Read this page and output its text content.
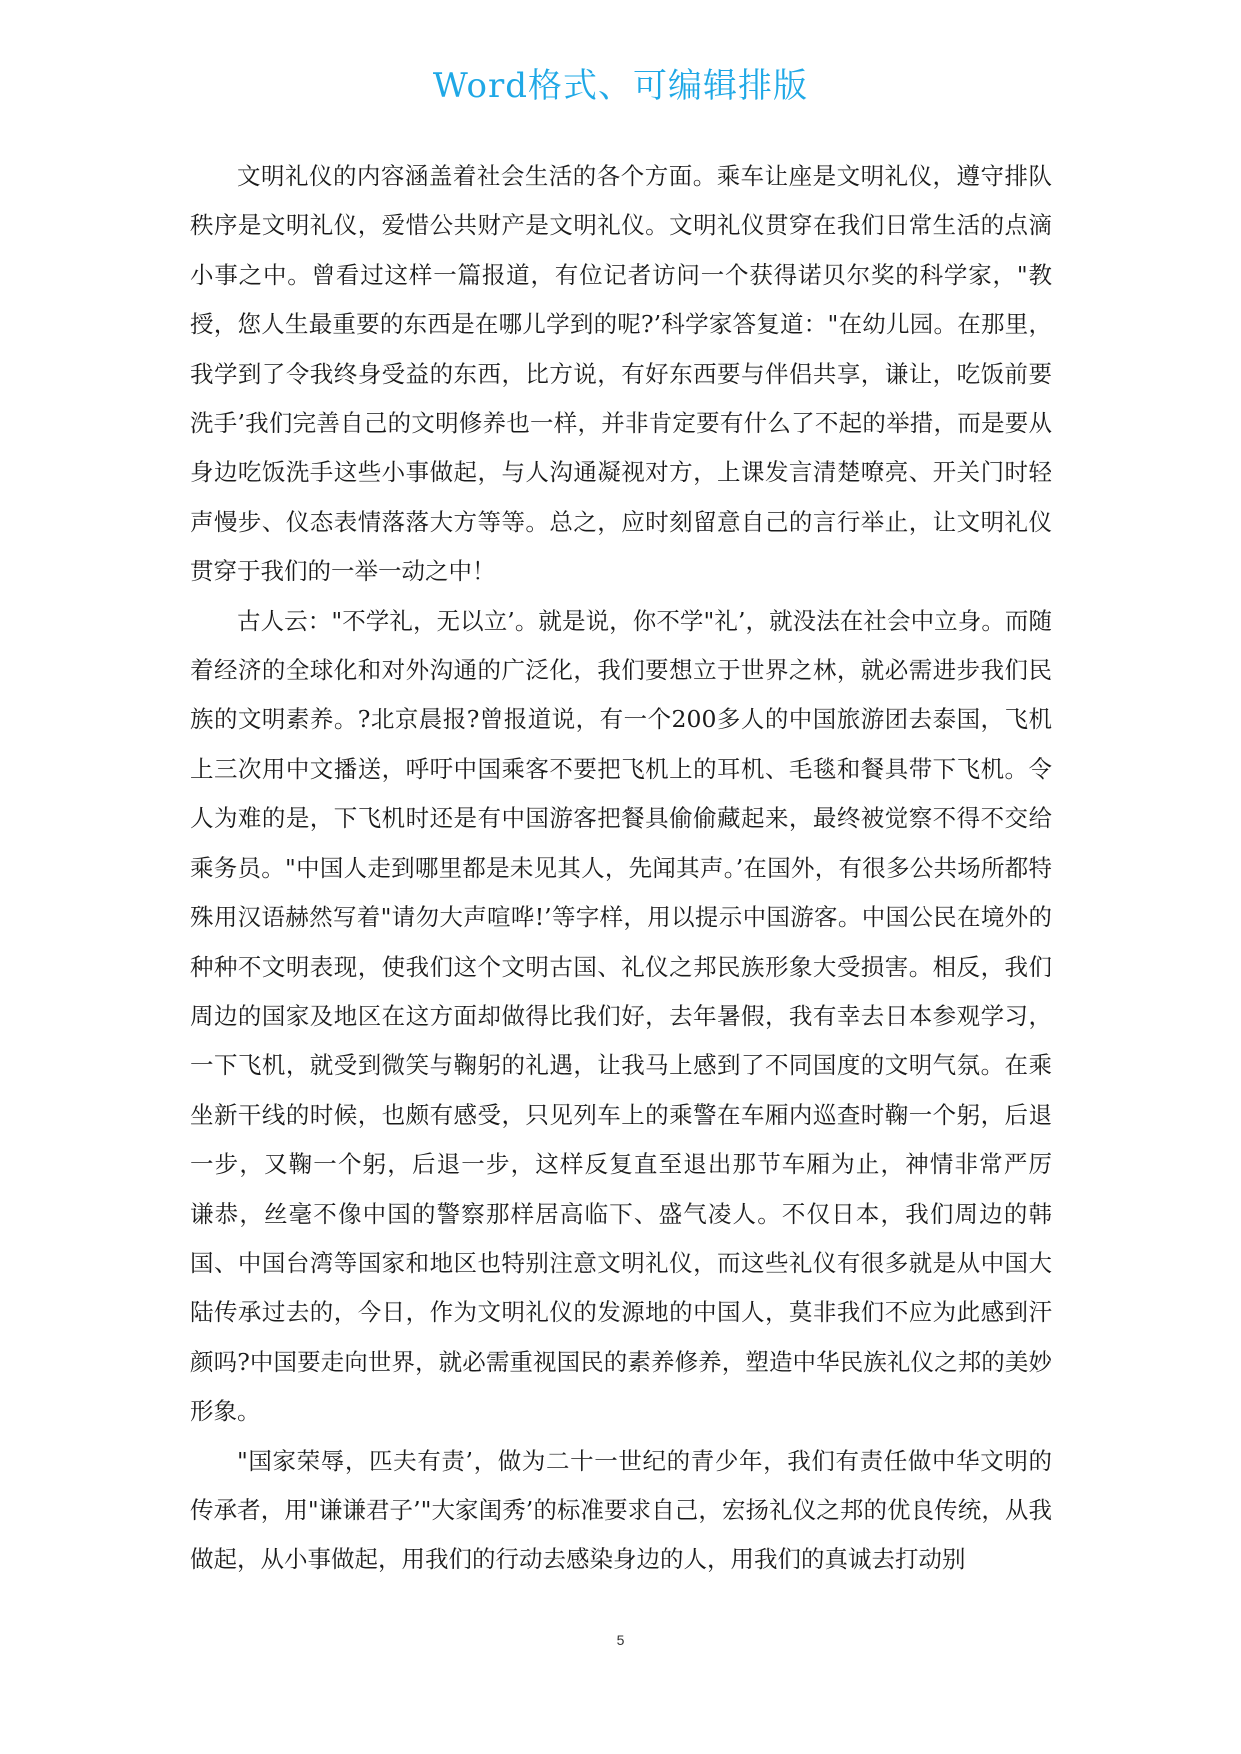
Word格式、可编辑排版

文明礼仪的内容涵盖着社会生活的各个方面。乘车让座是文明礼仪，遵守排队秩序是文明礼仪，爱惜公共财产是文明礼仪。文明礼仪贯穿在我们日常生活的点滴小事之中。曾看过这样一篇报道，有位记者访问一个获得诺贝尔奖的科学家，"教授，您人生最重要的东西是在哪儿学到的呢?’科学家答复道："在幼儿园。在那里，我学到了令我终身受益的东西，比方说，有好东西要与伴侣共享，谦让，吃饭前要洗手’我们完善自己的文明修养也一样，并非肯定要有什么了不起的举措，而是要从身边吃饭洗手这些小事做起，与人沟通凝视对方，上课发言清楚嘹亮、开关门时轻声慢步、仪态表情落落大方等等。总之，应时刻留意自己的言行举止，让文明礼仪贯穿于我们的一举一动之中！

古人云："不学礼，无以立’。就是说，你不学"礼’，就没法在社会中立身。而随着经济的全球化和对外沟通的广泛化，我们要想立于世界之林，就必需进步我们民族的文明素养。?北京晨报?曾报道说，有一个200多人的中国旅游团去泰国，飞机上三次用中文播送，呼吁中国乘客不要把飞机上的耳机、毛毯和餐具带下飞机。令人为难的是，下飞机时还是有中国游客把餐具偷偷藏起来，最终被觉察不得不交给乘务员。"中国人走到哪里都是未见其人，先闻其声。’在国外，有很多公共场所都特殊用汉语赫然写着"请勿大声喧哗!’等字样，用以提示中国游客。中国公民在境外的种种不文明表现，使我们这个文明古国、礼仪之邦民族形象大受损害。相反，我们周边的国家及地区在这方面却做得比我们好，去年暑假，我有幸去日本参观学习，一下飞机，就受到微笑与鞠躬的礼遇，让我马上感到了不同国度的文明气氛。在乘坐新干线的时候，也颇有感受，只见列车上的乘警在车厢内巡查时鞠一个躬，后退一步，又鞠一个躬，后退一步，这样反复直至退出那节车厢为止，神情非常严厉　谦恭，丝毫不像中国的警察那样居高临下、盛气凌人。不仅日本，我们周边的韩国、中国台湾等国家和地区也特别注意文明礼仪，而这些礼仪有很多就是从中国大陆传承过去的，今日，作为文明礼仪的发源地的中国人，莫非我们不应为此感到汗颜吗?中国要走向世界，就必需重视国民的素养修养，塑造中华民族礼仪之邦的美妙形象。

"国家荣辱，匹夫有责’，做为二十一世纪的青少年，我们有责任做中华文明的传承者，用"谦谦君子’"大家闺秀’的标准要求自己，宏扬礼仪之邦的优良传统，从我做起，从小事做起，用我们的行动去感染身边的人，用我们的真诚去打动别

5
